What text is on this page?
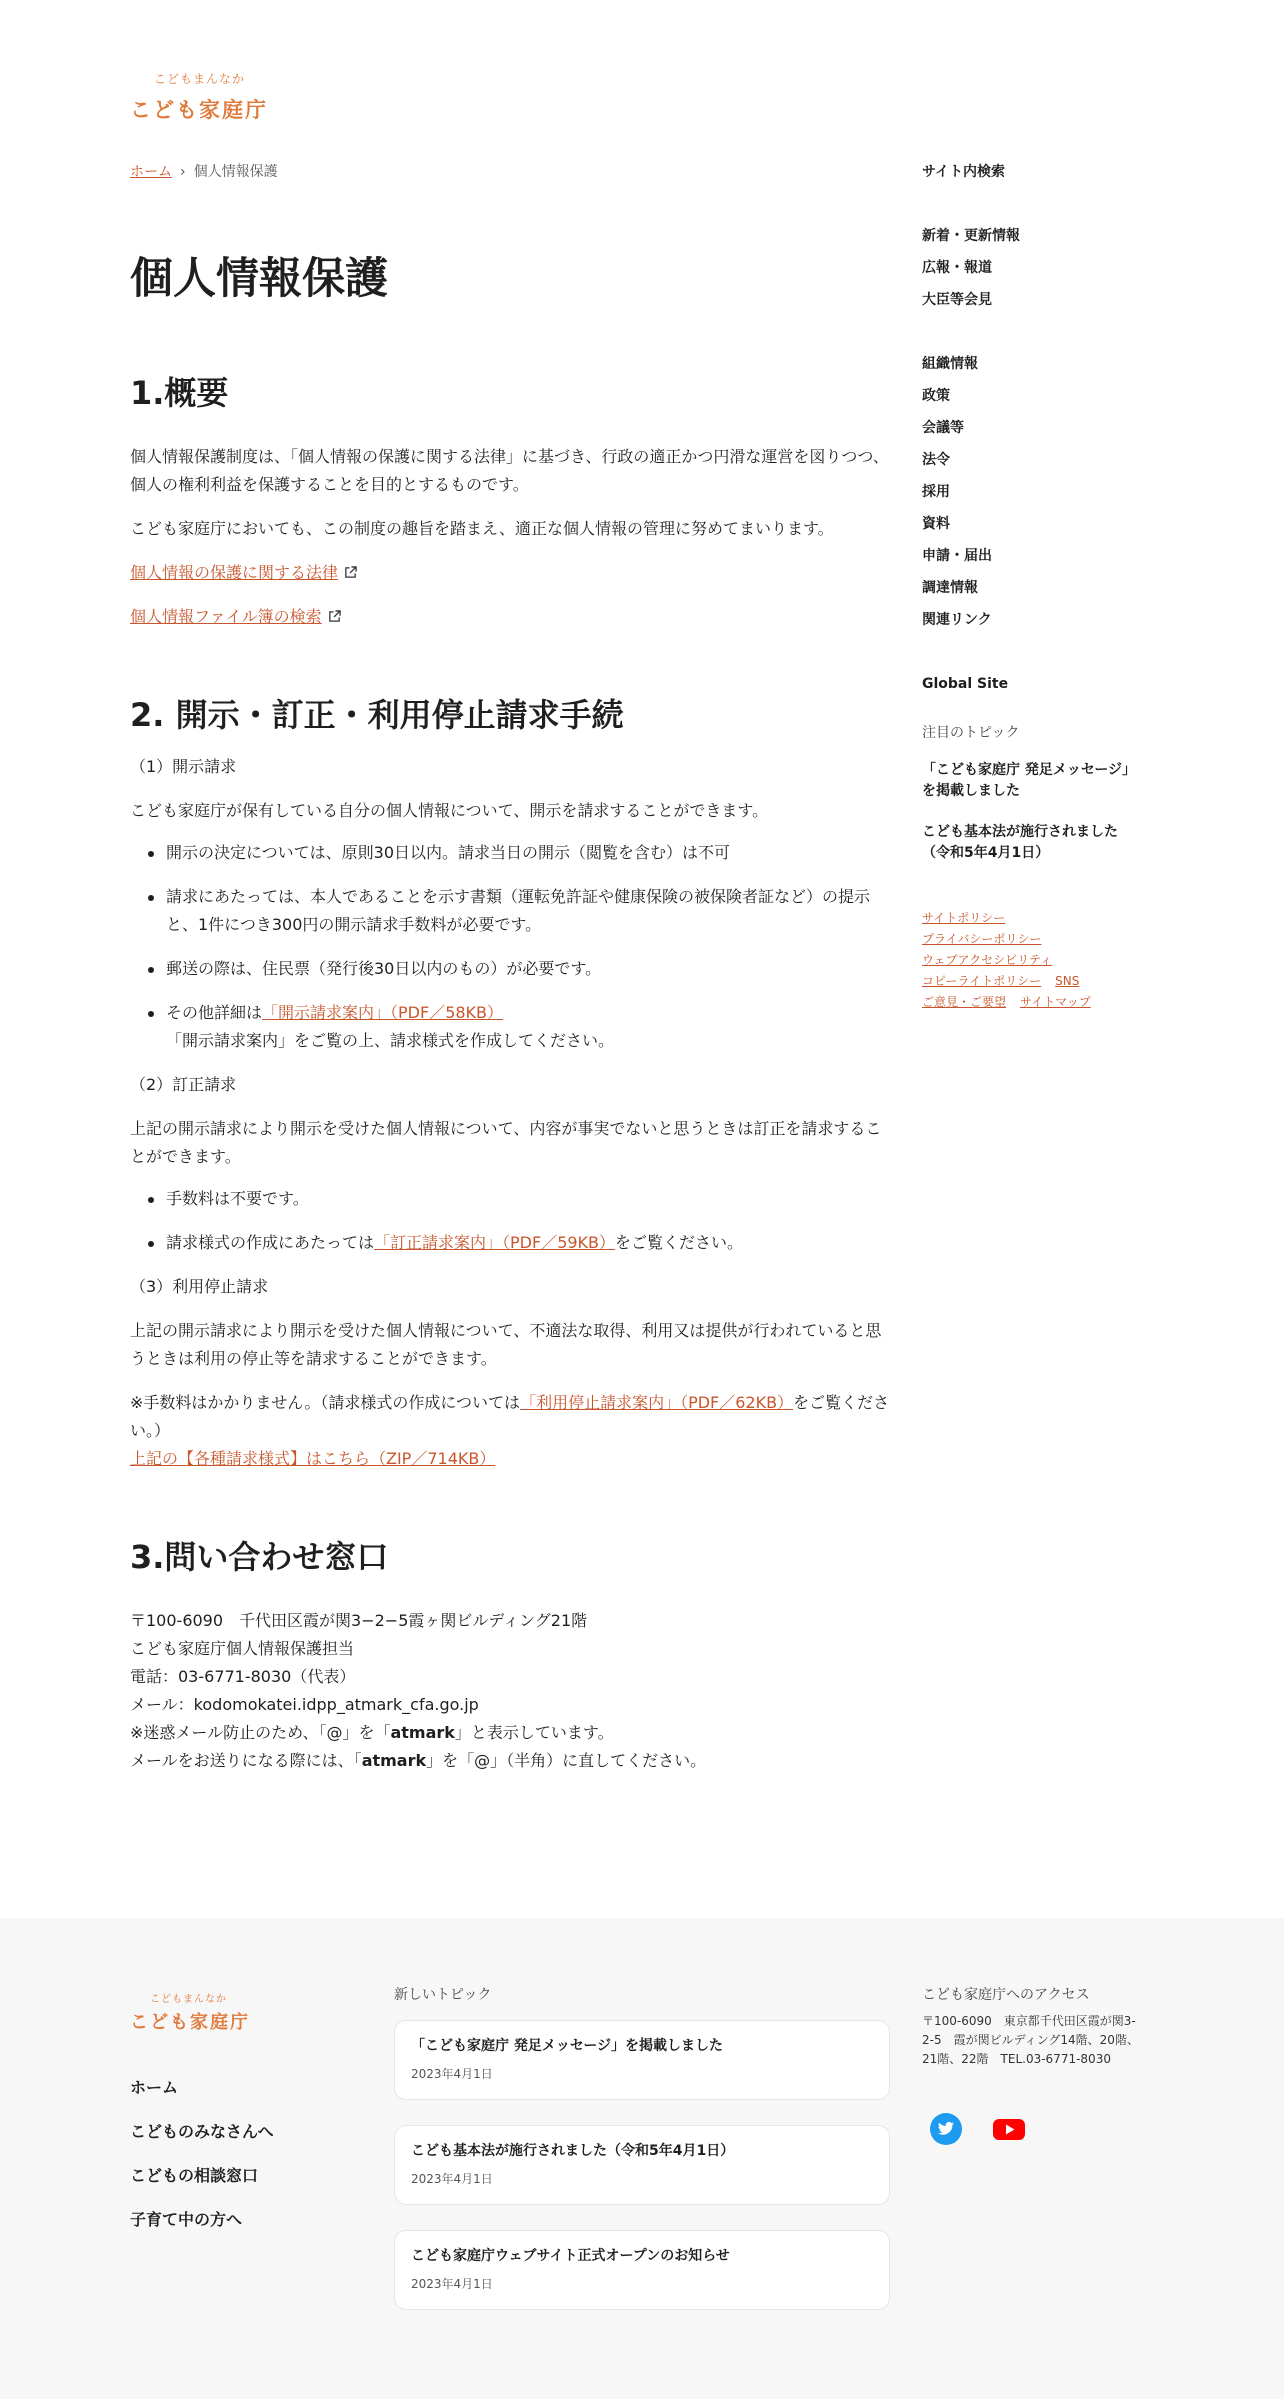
こどもまんなか
こども家庭庁
ホーム › 個人情報保護
個人情報保護
1.概要

個人情報保護制度は、「個人情報の保護に関する法律」に基づき、行政の適正かつ円滑な運営を図りつつ、個人の権利利益を保護することを目的とするものです。

こども家庭庁においても、この制度の趣旨を踏まえ、適正な個人情報の管理に努めてまいります。

個人情報の保護に関する法律

個人情報ファイル簿の検索

2. 開示・訂正・利用停止請求手続

（1）開示請求

こども家庭庁が保有している自分の個人情報について、開示を請求することができます。

開示の決定については、原則30日以内。請求当日の開示（閲覧を含む）は不可
請求にあたっては、本人であることを示す書類（運転免許証や健康保険の被保険者証など）の提示と、1件につき300円の開示請求手数料が必要です。
郵送の際は、住民票（発行後30日以内のもの）が必要です。
その他詳細は「開示請求案内」（PDF／58KB）
「開示請求案内」をご覧の上、請求様式を作成してください。

（2）訂正請求

上記の開示請求により開示を受けた個人情報について、内容が事実でないと思うときは訂正を請求することができます。

手数料は不要です。
請求様式の作成にあたっては「訂正請求案内」（PDF／59KB）をご覧ください。

（3）利用停止請求

上記の開示請求により開示を受けた個人情報について、不適法な取得、利用又は提供が行われていると思うときは利用の停止等を請求することができます。

※手数料はかかりません。（請求様式の作成については「利用停止請求案内」（PDF／62KB）をご覧ください。）
上記の【各種請求様式】はこちら（ZIP／714KB）

3.問い合わせ窓口
〒100-6090　千代田区霞が関3−2−5霞ヶ関ビルディング21階
こども家庭庁個人情報保護担当
電話：03-6771-8030（代表）
メール：kodomokatei.idpp_atmark_cfa.go.jp
※迷惑メール防止のため、「@」を「atmark」と表示しています。
メールをお送りになる際には、「atmark」を「@」（半角）に直してください。
サイト内検索
新着・更新情報
広報・報道
大臣等会見
組織情報
政策
会議等
法令
採用
資料
申請・届出
調達情報
関連リンク
Global Site
注目のトピック
「こども家庭庁 発足メッセージ」
を掲載しました
こども基本法が施行されました
（令和5年4月1日）
サイトポリシー
プライバシーポリシー
ウェブアクセシビリティ
コピーライトポリシー SNS
ご意見・ご要望 サイトマップ
こどもまんなか
こども家庭庁
ホーム
こどものみなさんへ
こどもの相談窓口
子育て中の方へ
新しいトピック
「こども家庭庁 発足メッセージ」を掲載しました
2023年4月1日
こども基本法が施行されました（令和5年4月1日）
2023年4月1日
こども家庭庁ウェブサイト正式オープンのお知らせ
2023年4月1日
こども家庭庁へのアクセス
〒100-6090　東京都千代田区霞が関3-
2-5　霞が関ビルディング14階、20階、
21階、22階　TEL.03-6771-8030
